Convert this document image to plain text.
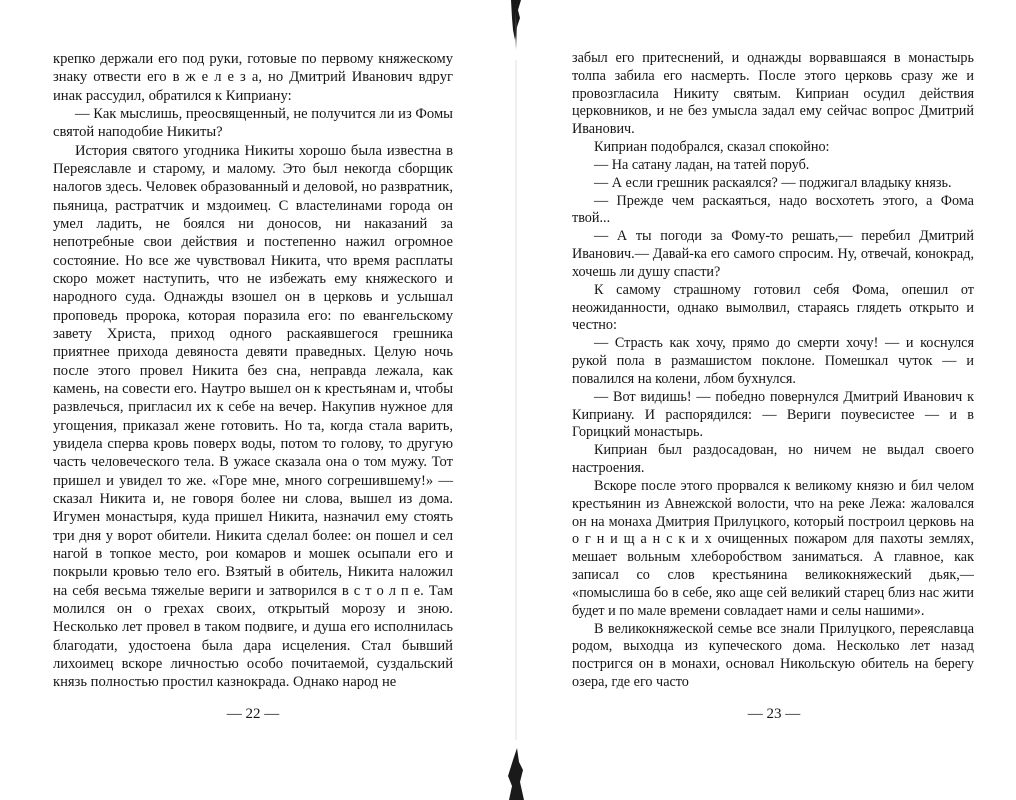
крепко держали его под руки, готовые по первому княжескому знаку отвести его в ж е л е з а, но Дмитрий Иванович вдруг инак рассудил, обратился к Киприану:

— Как мыслишь, преосвященный, не получится ли из Фомы святой наподобие Никиты?

История святого угодника Никиты хорошо была известна в Переяславле и старому, и малому. Это был некогда сборщик налогов здесь. Человек образованный и деловой, но развратник, пьяница, растратчик и мздоимец. С властелинами города он умел ладить, не боялся ни доносов, ни наказаний за непотребные свои действия и постепенно нажил огромное состояние. Но все же чувствовал Никита, что время расплаты скоро может наступить, что не избежать ему княжеского и народного суда. Однажды взошел он в церковь и услышал проповедь пророка, которая поразила его: по евангельскому завету Христа, приход одного раскаявшегося грешника приятнее прихода девяноста девяти праведных. Целую ночь после этого провел Никита без сна, неправда лежала, как камень, на совести его. Наутро вышел он к крестьянам и, чтобы развлечься, пригласил их к себе на вечер. Накупив нужное для угощения, приказал жене готовить. Но та, когда стала варить, увидела сперва кровь поверх воды, потом то голову, то другую часть человеческого тела. В ужасе сказала она о том мужу. Тот пришел и увидел то же. «Горе мне, много согрешившему!» — сказал Никита и, не говоря более ни слова, вышел из дома. Игумен монастыря, куда пришел Никита, назначил ему стоять три дня у ворот обители. Никита сделал более: он пошел и сел нагой в топкое место, рои комаров и мошек осыпали его и покрыли кровью тело его. Взятый в обитель, Никита наложил на себя весьма тяжелые вериги и затворился в с т о л п е. Там молился он о грехах своих, открытый морозу и зною. Несколько лет провел в таком подвиге, и душа его исполнилась благодати, удостоена была дара исцеления. Стал бывший лихоимец вскоре личностью особо почитаемой, суздальский князь полностью простил казнокрада. Однако народ не

— 22 —

забыл его притеснений, и однажды ворвавшаяся в монастырь толпа забила его насмерть. После этого церковь сразу же и провозгласила Никиту святым. Киприан осудил действия церковников, и не без умысла задал ему сейчас вопрос Дмитрий Иванович.

Киприан подобрался, сказал спокойно:

— На сатану ладан, на татей поруб.

— А если грешник раскаялся? — поджигал владыку князь.

— Прежде чем раскаяться, надо восхотеть этого, а Фома твой...

— А ты погоди за Фому-то решать,— перебил Дмитрий Иванович.— Давай-ка его самого спросим. Ну, отвечай, конокрад, хочешь ли душу спасти?

К самому страшному готовил себя Фома, опешил от неожиданности, однако вымолвил, стараясь глядеть открыто и честно:

— Страсть как хочу, прямо до смерти хочу! — и коснулся рукой пола в размашистом поклоне. Помешкал чуток — и повалился на колени, лбом бухнулся.

— Вот видишь! — победно повернулся Дмитрий Иванович к Киприану. И распорядился: — Вериги поувесистее — и в Горицкий монастырь.

Киприан был раздосадован, но ничем не выдал своего настроения.

Вскоре после этого прорвался к великому князю и бил челом крестьянин из Авнежской волости, что на реке Лежа: жаловался он на монаха Дмитрия Прилуцкого, который построил церковь на о г н и щ а н с к и х очищенных пожаром для пахоты землях, мешает вольным хлеборобством заниматься. А главное, как записал со слов крестьянина великокняжеский дьяк,— «помыслиша бо в себе, яко аще сей великий старец близ нас жити будет и по мале времени совладает нами и селы нашими».

В великокняжеской семье все знали Прилуцкого, переяславца родом, выходца из купеческого дома. Несколько лет назад постригся он в монахи, основал Никольскую обитель на берегу озера, где его часто

— 23 —
